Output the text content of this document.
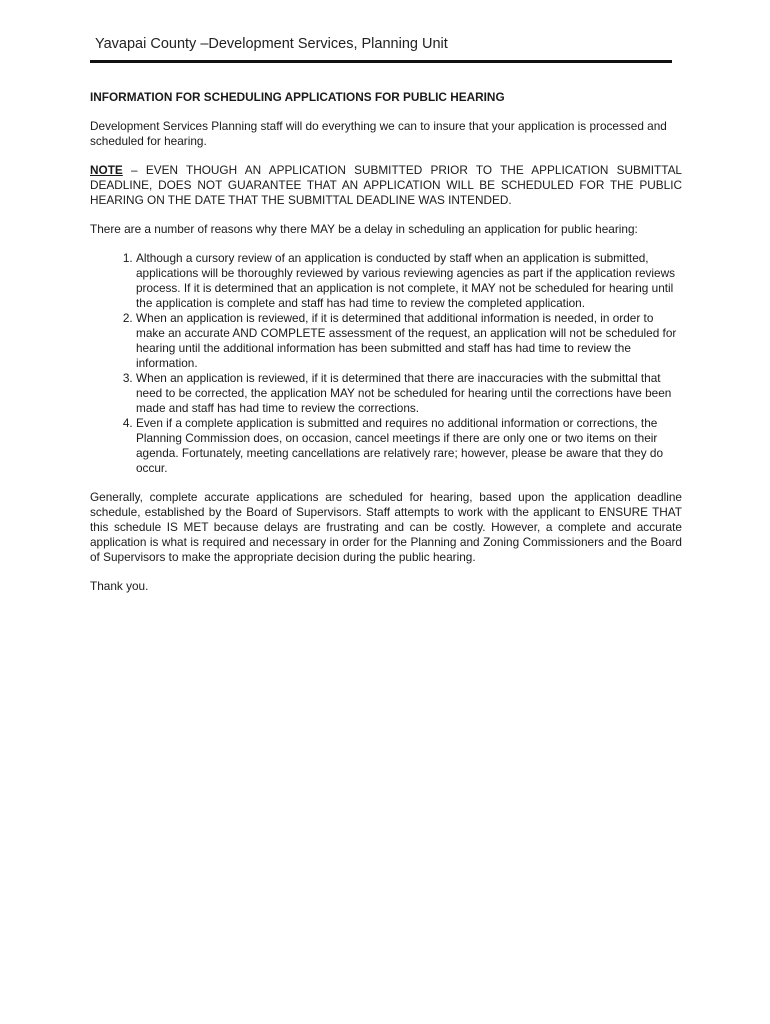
Yavapai County –Development Services, Planning Unit
INFORMATION FOR SCHEDULING APPLICATIONS FOR PUBLIC HEARING

Development Services Planning staff will do everything we can to insure that your application is processed and scheduled for hearing.

NOTE – EVEN THOUGH AN APPLICATION SUBMITTED PRIOR TO THE APPLICATION SUBMITTAL DEADLINE, DOES NOT GUARANTEE THAT AN APPLICATION WILL BE SCHEDULED FOR THE PUBLIC HEARING ON THE DATE THAT THE SUBMITTAL DEADLINE WAS INTENDED.

There are a number of reasons why there MAY be a delay in scheduling an application for public hearing:

1. Although a cursory review of an application is conducted by staff when an application is submitted, applications will be thoroughly reviewed by various reviewing agencies as part if the application reviews process. If it is determined that an application is not complete, it MAY not be scheduled for hearing until the application is complete and staff has had time to review the completed application.
2. When an application is reviewed, if it is determined that additional information is needed, in order to make an accurate AND COMPLETE assessment of the request, an application will not be scheduled for hearing until the additional information has been submitted and staff has had time to review the information.
3. When an application is reviewed, if it is determined that there are inaccuracies with the submittal that need to be corrected, the application MAY not be scheduled for hearing until the corrections have been made and staff has had time to review the corrections.
4. Even if a complete application is submitted and requires no additional information or corrections, the Planning Commission does, on occasion, cancel meetings if there are only one or two items on their agenda. Fortunately, meeting cancellations are relatively rare; however, please be aware that they do occur.

Generally, complete accurate applications are scheduled for hearing, based upon the application deadline schedule, established by the Board of Supervisors. Staff attempts to work with the applicant to ENSURE THAT this schedule IS MET because delays are frustrating and can be costly. However, a complete and accurate application is what is required and necessary in order for the Planning and Zoning Commissioners and the Board of Supervisors to make the appropriate decision during the public hearing.

Thank you.
